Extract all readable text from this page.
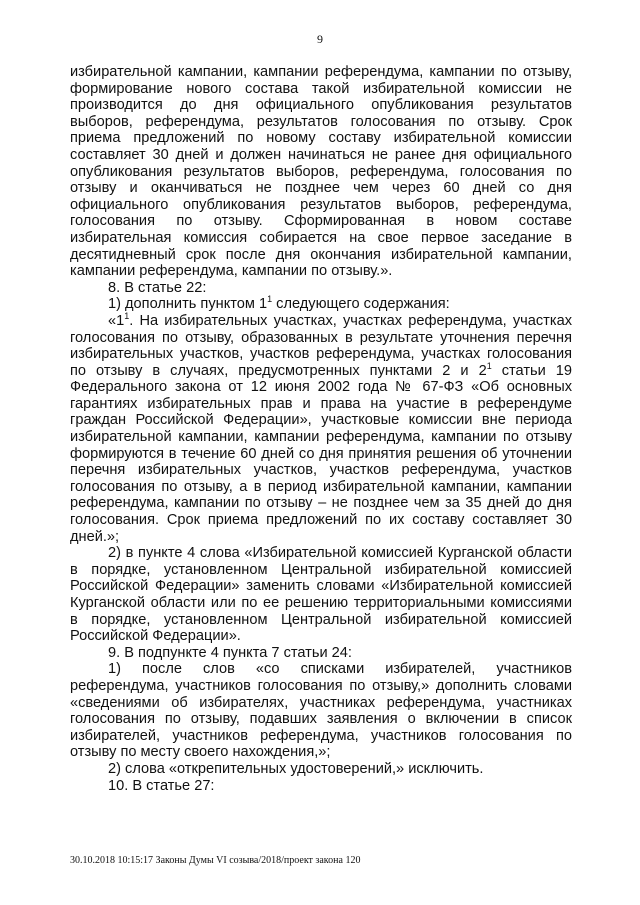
9

избирательной кампании, кампании референдума, кампании по отзыву, формирование нового состава такой избирательной комиссии не производится до дня официального опубликования результатов выборов, референдума, результатов голосования по отзыву. Срок приема предложений по новому составу избирательной комиссии составляет 30 дней и должен начинаться не ранее дня официального опубликования результатов выборов, референдума, голосования по отзыву и оканчиваться не позднее чем через 60 дней со дня официального опубликования результатов выборов, референдума, голосования по отзыву. Сформированная в новом составе избирательная комиссия собирается на свое первое заседание в десятидневный срок после дня окончания избирательной кампании, кампании референдума, кампании по отзыву.».

8. В статье 22:

1) дополнить пунктом $1^1$ следующего содержания:

«$1^1$. На избирательных участках, участках референдума, участках голосования по отзыву, образованных в результате уточнения перечня избирательных участков, участков референдума, участках голосования по отзыву в случаях, предусмотренных пунктами 2 и $2^1$ статьи 19 Федерального закона от 12 июня 2002 года № 67-ФЗ «Об основных гарантиях избирательных прав и права на участие в референдуме граждан Российской Федерации», участковые комиссии вне периода избирательной кампании, кампании референдума, кампании по отзыву формируются в течение 60 дней со дня принятия решения об уточнении перечня избирательных участков, участков референдума, участков голосования по отзыву, а в период избирательной кампании, кампании референдума, кампании по отзыву – не позднее чем за 35 дней до дня голосования. Срок приема предложений по их составу составляет 30 дней.»;

2) в пункте 4 слова «Избирательной комиссией Курганской области в порядке, установленном Центральной избирательной комиссией Российской Федерации» заменить словами «Избирательной комиссией Курганской области или по ее решению территориальными комиссиями в порядке, установленном Центральной избирательной комиссией Российской Федерации».

9. В подпункте 4 пункта 7 статьи 24:

1) после слов «со списками избирателей, участников референдума, участников голосования по отзыву,» дополнить словами «сведениями об избирателях, участниках референдума, участниках голосования по отзыву, подавших заявления о включении в список избирателей, участников референдума, участников голосования по отзыву по месту своего нахождения,»;

2) слова «открепительных удостоверений,» исключить.

10. В статье 27:

30.10.2018 10:15:17 Законы Думы VI созыва/2018/проект закона 120
